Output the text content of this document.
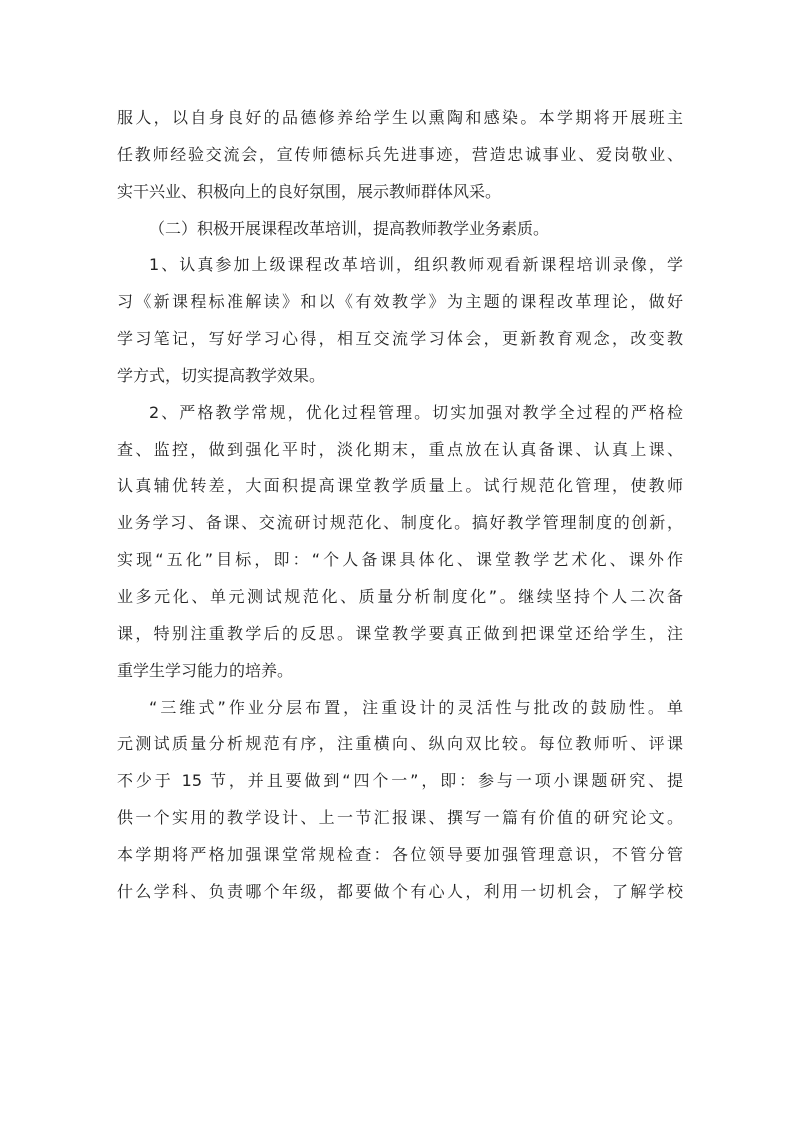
服人，以自身良好的品德修养给学生以熏陶和感染。本学期将开展班主
任教师经验交流会，宣传师德标兵先进事迹，营造忠诚事业、爱岗敬业、
实干兴业、积极向上的良好氛围，展示教师群体风采。
（二）积极开展课程改革培训，提高教师教学业务素质。
1、认真参加上级课程改革培训，组织教师观看新课程培训录像，学
习《新课程标准解读》和以《有效教学》为主题的课程改革理论，做好
学习笔记，写好学习心得，相互交流学习体会，更新教育观念，改变教
学方式，切实提高教学效果。
2、严格教学常规，优化过程管理。切实加强对教学全过程的严格检
查、监控，做到强化平时，淡化期末，重点放在认真备课、认真上课、
认真辅优转差，大面积提高课堂教学质量上。试行规范化管理，使教师
业务学习、备课、交流研讨规范化、制度化。搞好教学管理制度的创新，
实现“五化”目标，即：“个人备课具体化、课堂教学艺术化、课外作
业多元化、单元测试规范化、质量分析制度化”。继续坚持个人二次备
课，特别注重教学后的反思。课堂教学要真正做到把课堂还给学生，注
重学生学习能力的培养。
“三维式”作业分层布置，注重设计的灵活性与批改的鼓励性。单
元测试质量分析规范有序，注重横向、纵向双比较。每位教师听、评课
不少于 15 节，并且要做到“四个一”，即：参与一项小课题研究、提
供一个实用的教学设计、上一节汇报课、撰写一篇有价值的研究论文。
本学期将严格加强课堂常规检查：各位领导要加强管理意识，不管分管
什么学科、负责哪个年级，都要做个有心人，利用一切机会，了解学校
